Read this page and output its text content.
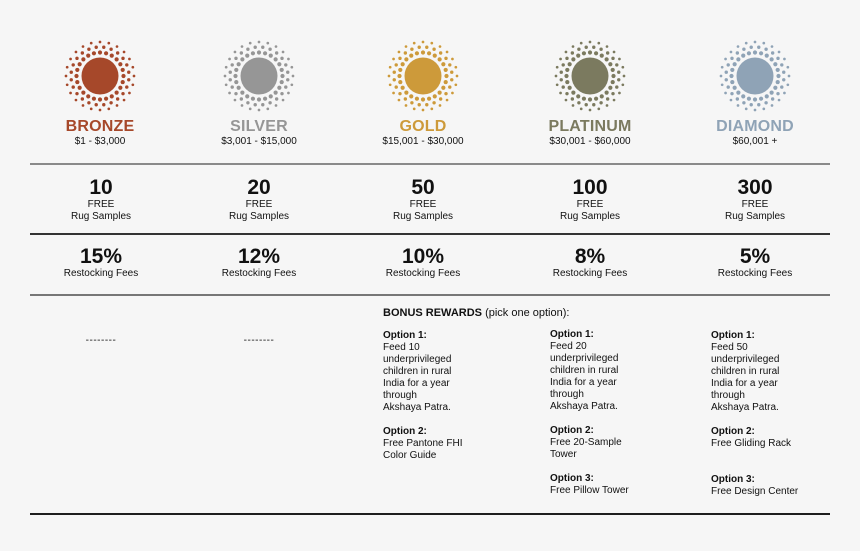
BRONZE
$1 - $3,000
SILVER
$3,001 - $15,000
GOLD
$15,001 - $30,000
PLATINUM
$30,001 - $60,000
DIAMOND
$60,001 +
10
FREE
Rug Samples
20
FREE
Rug Samples
50
FREE
Rug Samples
100
FREE
Rug Samples
300
FREE
Rug Samples
15%
Restocking Fees
12%
Restocking Fees
10%
Restocking Fees
8%
Restocking Fees
5%
Restocking Fees
--------	--------
BONUS REWARDS (pick one option):
Option 1:
Feed 10
underprivileged
children in rural
India for a year
through
Akshaya Patra.
Option 2:
Free Pantone FHI
Color Guide
Option 1:
Feed 20
underprivileged
children in rural
India for a year
through
Akshaya Patra.
Option 2:
Free 20-Sample
Tower
Option 3:
Free Pillow Tower
Option 1:
Feed 50
underprivileged
children in rural
India for a year
through
Akshaya Patra.
Option 2:
Free Gliding Rack
Option 3:
Free Design Center
